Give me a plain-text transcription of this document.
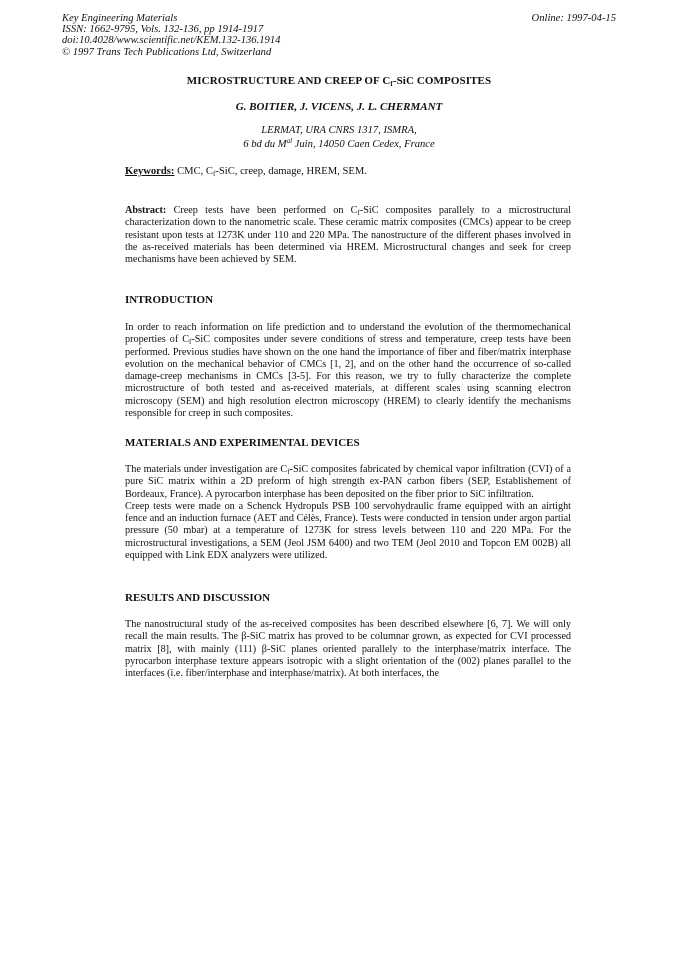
Key Engineering Materials
ISSN: 1662-9795, Vols. 132-136, pp 1914-1917
doi:10.4028/www.scientific.net/KEM.132-136.1914
© 1997 Trans Tech Publications Ltd, Switzerland
Online: 1997-04-15
MICROSTRUCTURE AND CREEP OF $C_f$-SiC COMPOSITES
G. BOITIER, J. VICENS, J. L. CHERMANT
LERMAT, URA CNRS 1317, ISMRA,
6 bd du $M^{al}$ Juin, 14050 Caen Cedex, France
Keywords: CMC, $C_f$-SiC, creep, damage, HREM, SEM.

Abstract: Creep tests have been performed on $C_f$-SiC composites parallely to a microstructural characterization down to the nanometric scale. These ceramic matrix composites (CMCs) appear to be creep resistant upon tests at 1273K under 110 and 220 MPa. The nanostructure of the different phases involved in the as-received materials has been determined via HREM. Microstructural changes and seek for creep mechanisms have been achieved by SEM.

INTRODUCTION

In order to reach information on life prediction and to understand the evolution of the thermomechanical properties of $C_f$-SiC composites under severe conditions of stress and temperature, creep tests have been performed. Previous studies have shown on the one hand the importance of fiber and fiber/matrix interphase evolution on the mechanical behavior of CMCs [1, 2], and on the other hand the occurrence of so-called damage-creep mechanisms in CMCs [3-5]. For this reason, we try to fully characterize the complete microstructure of both tested and as-received materials, at different scales using scanning electron microscopy (SEM) and high resolution electron microscopy (HREM) to clearly identify the mechanisms responsible for creep in such composites.

MATERIALS AND EXPERIMENTAL DEVICES

The materials under investigation are $C_f$-SiC composites fabricated by chemical vapor infiltration (CVI) of a pure SiC matrix within a 2D preform of high strength ex-PAN carbon fibers (SEP, Establishement of Bordeaux, France). A pyrocarbon interphase has been deposited on the fiber prior to SiC infiltration.

Creep tests were made on a Schenck Hydropuls PSB 100 servohydraulic frame equipped with an airtight fence and an induction furnace (AET and Célès, France). Tests were conducted in tension under argon partial pressure (50 mbar) at a temperature of 1273K for stress levels between 110 and 220 MPa. For the microstructural investigations, a SEM (Jeol JSM 6400) and two TEM (Jeol 2010 and Topcon EM 002B) all equipped with Link EDX analyzers were utilized.

RESULTS AND DISCUSSION

The nanostructural study of the as-received composites has been described elsewhere [6, 7]. We will only recall the main results. The β-SiC matrix has proved to be columnar grown, as expected for CVI processed matrix [8], with mainly (111) β-SiC planes oriented parallely to the interphase/matrix interface. The pyrocarbon interphase texture appears isotropic with a slight orientation of the (002) planes parallel to the interfaces (i.e. fiber/interphase and interphase/matrix). At both interfaces, the
